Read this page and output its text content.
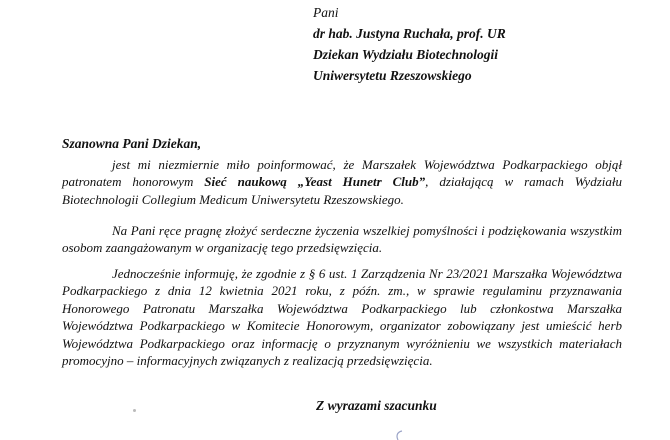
Pani
dr hab. Justyna Ruchała, prof. UR
Dziekan Wydziału Biotechnologii
Uniwersytetu Rzeszowskiego
Szanowna Pani Dziekan,
jest mi niezmiernie miło poinformować, że Marszałek Województwa Podkarpackiego objął patronatem honorowym Sieć naukową „Yeast Hunetr Club”, działającą w ramach Wydziału Biotechnologii Collegium Medicum Uniwersytetu Rzeszowskiego.
Na Pani ręce pragnę złożyć serdeczne życzenia wszelkiej pomyślności i podziękowania wszystkim osobom zaangażowanym w organizację tego przedsięwzięcia.
Jednocześnie informuję, że zgodnie z § 6 ust. 1 Zarządzenia Nr 23/2021 Marszałka Województwa Podkarpackiego z dnia 12 kwietnia 2021 roku, z późn. zm., w sprawie regulaminu przyznawania Honorowego Patronatu Marszałka Województwa Podkarpackiego lub członkostwa Marszałka Województwa Podkarpackiego w Komitecie Honorowym, organizator zobowiązany jest umieścić herb Województwa Podkarpackiego oraz informację o przyznanym wyróżnieniu we wszystkich materiałach promocyjno – informacyjnych związanych z realizacją przedsięwzięcia.
Z wyrazami szacunku
